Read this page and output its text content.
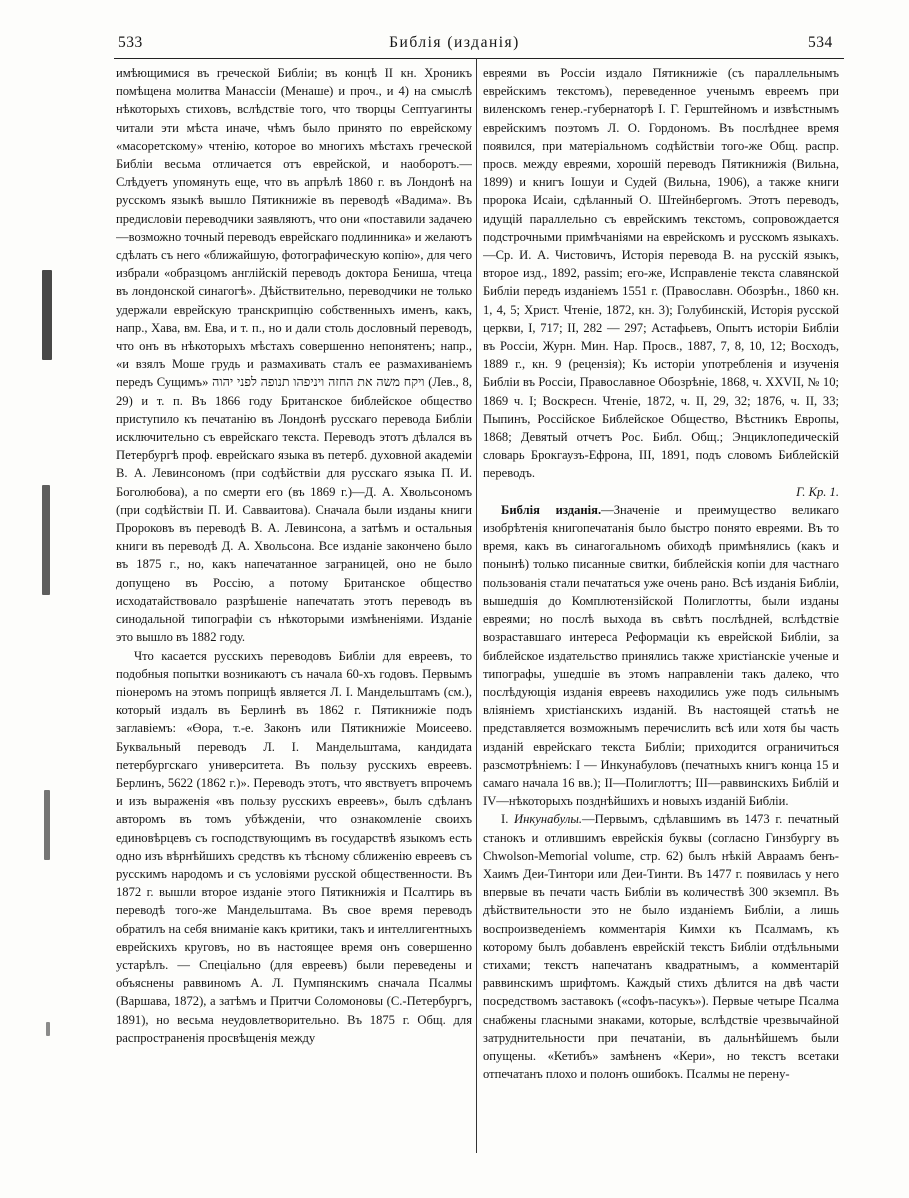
533	Библія (изданія)	534

имѣющимися въ греческой Библіи; въ концѣ II кн. Хроникъ помѣщена молитва Манассіи (Менаше) и проч., и 4) на смыслѣ нѣкоторыхъ стиховъ, вслѣдствіе того, что творцы Септуагинты читали эти мѣста иначе, чѣмъ было принято по еврейскому «масоретскому» чтенію, которое во многихъ мѣстахъ греческой Библіи весьма отличается отъ еврейской, и наоборотъ.—Слѣдуетъ упомянуть еще, что въ апрѣлѣ 1860 г. въ Лондонѣ на русскомъ языкѣ вышло Пятикнижіе въ переводѣ «Вадима». Въ предисловіи переводчики заявляютъ, что они «поставили задачею—возможно точный переводъ еврейскаго подлинника» и желаютъ сдѣлать съ него «ближайшую, фотографическую копію», для чего избрали «образцомъ англійскій переводъ доктора Бениша, чтеца въ лондонской синагогѣ». Дѣйствительно, переводчики не только удержали еврейскую транскрипцію собственныхъ именъ, какъ, напр., Хава, вм. Ева, и т. п., но и дали столь дословный переводъ, что онъ въ нѣкоторыхъ мѣстахъ совершенно непонятенъ; напр., «и взялъ Моше грудь и размахивать сталъ ее размахиваніемъ передъ Сущимъ» ויקח משה את החזה ויניפהו תנופה לפני יהוה (Лев., 8, 29) и т. п. Въ 1866 году Британское библейское общество приступило къ печатанію въ Лондонѣ русскаго перевода Библіи исключительно съ еврейскаго текста. Переводъ этотъ дѣлался въ Петербургѣ проф. еврейскаго языка въ петерб. духовной академіи В. А. Левинсономъ (при содѣйствіи для русскаго языка П. И. Боголюбова), а по смерти его (въ 1869 г.)—Д. А. Хвольсономъ (при содѣйствіи П. И. Савваитова). Сначала были изданы книги Пророковъ въ переводѣ В. А. Левинсона, а затѣмъ и остальныя книги въ переводѣ Д. А. Хвольсона. Все изданіе закончено было въ 1875 г., но, какъ напечатанное заграницей, оно не было допущено въ Россію, а потому Британское общество исходатайствовало разрѣшеніе напечатать этотъ переводъ въ синодальной типографіи съ нѣкоторыми измѣненіями. Изданіе это вышло въ 1882 году.

Что касается русскихъ переводовъ Библіи для евреевъ, то подобныя попытки возникаютъ съ начала 60-хъ годовъ. Первымъ піонеромъ на этомъ поприщѣ является Л. І. Мандельштамъ (см.), который издалъ въ Берлинѣ въ 1862 г. Пятикнижіе подъ заглавіемъ: «Өора, т.-е. Законъ или Пятикнижіе Моисеево. Буквальный переводъ Л. І. Мандельштама, кандидата петербургскаго университета. Въ пользу русскихъ евреевъ. Берлинъ, 5622 (1862 г.)». Переводъ этотъ, что явствуетъ впрочемъ и изъ выраженія «въ пользу русскихъ евреевъ», былъ сдѣланъ авторомъ въ томъ убѣжденіи, что ознакомленіе своихъ единовѣрцевъ съ господствующимъ въ государствѣ языкомъ есть одно изъ вѣрнѣйшихъ средствъ къ тѣсному сближенію евреевъ съ русскимъ народомъ и съ условіями русской общественности. Въ 1872 г. вышли второе изданіе этого Пятикнижія и Псалтирь въ переводѣ того-же Мандельштама. Въ свое время переводъ обратилъ на себя вниманіе какъ критики, такъ и интеллигентныхъ еврейскихъ круговъ, но въ настоящее время онъ совершенно устарѣлъ. — Спеціально (для евреевъ) были переведены и объяснены раввиномъ А. Л. Пумпянскимъ сначала Псалмы (Варшава, 1872), а затѣмъ и Притчи Соломоновы (С.-Петербургъ, 1891), но весьма неудовлетворительно. Въ 1875 г. Общ. для распространенія просвѣщенія между

евреями въ Россіи издало Пятикнижіе (съ параллельнымъ еврейскимъ текстомъ), переведенное ученымъ евреемъ при виленскомъ генер.-губернаторѣ І. Г. Герштейномъ и извѣстнымъ еврейскимъ поэтомъ Л. О. Гордономъ. Въ послѣднее время появился, при матеріальномъ содѣйствіи того-же Общ. распр. просв. между евреями, хорошій переводъ Пятикнижія (Вильна, 1899) и книгъ Іошуи и Судей (Вильна, 1906), а также книги пророка Исаіи, сдѣланный О. Штейнбергомъ. Этотъ переводъ, идущій параллельно съ еврейскимъ текстомъ, сопровождается подстрочными примѣчаніями на еврейскомъ и русскомъ языкахъ.—Ср. И. А. Чистовичъ, Исторія перевода В. на русскій языкъ, второе изд., 1892, passim; его-же, Исправленіе текста славянской Библіи передъ изданіемъ 1551 г. (Православн. Обозрѣн., 1860 кн. 1, 4, 5; Христ. Чтеніе, 1872, кн. 3); Голубинскій, Исторія русской церкви, І, 717; II, 282 — 297; Астафьевъ, Опытъ исторіи Библіи въ Россіи, Журн. Мин. Нар. Просв., 1887, 7, 8, 10, 12; Восходъ, 1889 г., кн. 9 (рецензія); Къ исторіи употребленія и изученія Библіи въ Россіи, Православное Обозрѣніе, 1868, ч. XXVII, № 10; 1869 ч. I; Воскресн. Чтеніе, 1872, ч. II, 29, 32; 1876, ч. II, 33; Пыпинъ, Россійское Библейское Общество, Вѣстникъ Европы, 1868; Девятый отчетъ Рос. Библ. Общ.; Энциклопедическій словарь Брокгаузъ-Ефрона, III, 1891, подъ словомъ Библейскій переводъ.

Г. Кр. 1.

Библія изданія.—Значеніе и преимущество великаго изобрѣтенія книгопечатанія было быстро понято евреями. Въ то время, какъ въ синагогальномъ обиходѣ примѣнялись (какъ и понынѣ) только писанные свитки, библейскія копіи для частнаго пользованія стали печататься уже очень рано. Всѣ изданія Библіи, вышедшія до Комплютензійской Полиглотты, были изданы евреями; но послѣ выхода въ свѣтъ послѣдней, вслѣдствіе возраставшаго интереса Реформаціи къ еврейской Библіи, за библейское издательство принялись также христіанскіе ученые и типографы, ушедшіе въ этомъ направленіи такъ далеко, что послѣдующія изданія евреевъ находились уже подъ сильнымъ вліяніемъ христіанскихъ изданій. Въ настоящей статьѣ не представляется возможнымъ перечислить всѣ или хотя бы часть изданій еврейскаго текста Библіи; приходится ограничиться разсмотрѣніемъ: I — Инкунабуловъ (печатныхъ книгъ конца 15 и самаго начала 16 вв.); II—Полиглоттъ; III—раввинскихъ Библій и IV—нѣкоторыхъ позднѣйшихъ и новыхъ изданій Библіи.

I. Инкунабулы.—Первымъ, сдѣлавшимъ въ 1473 г. печатный станокъ и отлившимъ еврейскія буквы (согласно Гинзбургу въ Chwolson-Memorial volume, стр. 62) былъ нѣкій Авраамъ бенъ-Хаимъ Деи-Тинтори или Деи-Тинти. Въ 1477 г. появилась у него впервые въ печати часть Библіи въ количествѣ 300 экземпл. Въ дѣйствительности это не было изданіемъ Библіи, а лишь воспроизведеніемъ комментарія Кимхи къ Псалмамъ, къ которому былъ добавленъ еврейскій текстъ Библіи отдѣльными стихами; текстъ напечатанъ квадратнымъ, а комментарій раввинскимъ шрифтомъ. Каждый стихъ дѣлится на двѣ части посредствомъ заставокъ («софъ-пасукъ»). Первые четыре Псалма снабжены гласными знаками, которые, вслѣдствіе чрезвычайной затруднительности при печатаніи, въ дальнѣйшемъ были опущены. «Кетибъ» замѣненъ «Кери», но текстъ всетаки отпечатанъ плохо и полонъ ошибокъ. Псалмы не перену-
